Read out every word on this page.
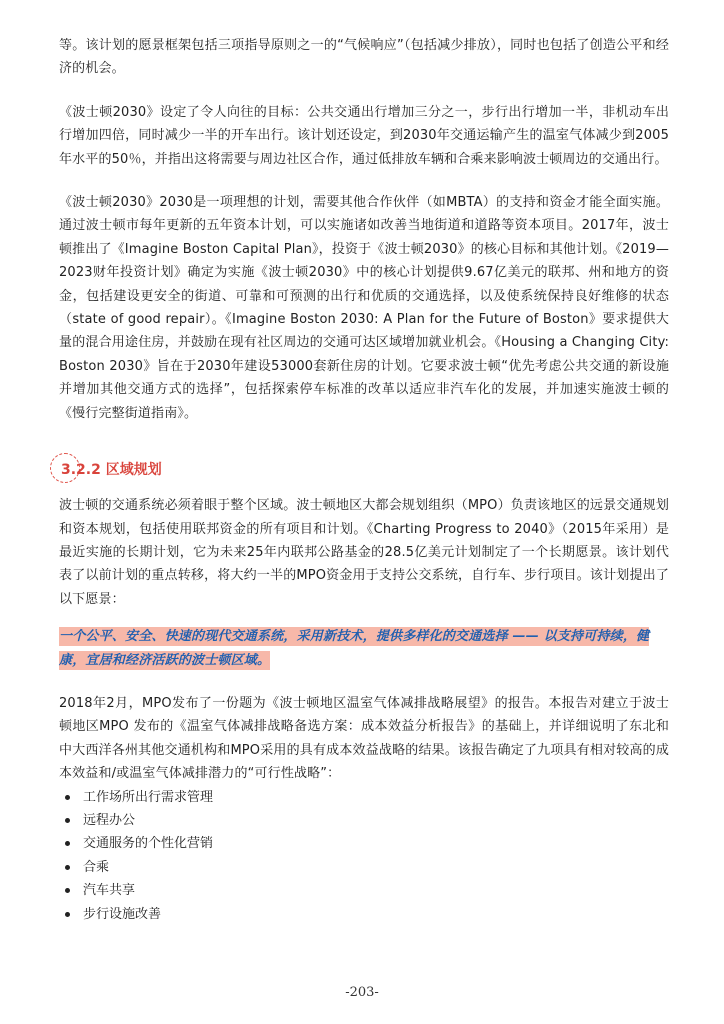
等。该计划的愿景框架包括三项指导原则之一的“气候响应”（包括减少排放），同时也包括了创造公平和经济的机会。

《波士顿2030》设定了令人向往的目标：公共交通出行增加三分之一，步行出行增加一半，非机动车出行增加四倍，同时减少一半的开车出行。该计划还设定，到2030年交通运输产生的温室气体减少到2005年水平的50％，并指出这将需要与周边社区合作，通过低排放车辆和合乘来影响波士顿周边的交通出行。

《波士顿2030》2030是一项理想的计划，需要其他合作伙伴（如MBTA）的支持和资金才能全面实施。通过波士顿市每年更新的五年资本计划，可以实施诸如改善当地街道和道路等资本项目。2017年，波士顿推出了《Imagine Boston Capital Plan》，投资于《波士顿2030》的核心目标和其他计划。《2019—2023财年投资计划》确定为实施《波士顿2030》中的核心计划提供9.67亿美元的联邦、州和地方的资金，包括建设更安全的街道、可靠和可预测的出行和优质的交通选择，以及使系统保持良好维修的状态（state of good repair）。《Imagine Boston 2030: A Plan for the Future of Boston》要求提供大量的混合用途住房，并鼓励在现有社区周边的交通可达区域增加就业机会。《Housing a Changing City: Boston 2030》旨在于2030年建设53000套新住房的计划。它要求波士顿“优先考虑公共交通的新设施并增加其他交通方式的选择”，包括探索停车标准的改革以适应非汽车化的发展，并加速实施波士顿的《慢行完整街道指南》。

3.2.2 区域规划

波士顿的交通系统必须着眼于整个区域。波士顿地区大都会规划组织（MPO）负责该地区的远景交通规划和资本规划，包括使用联邦资金的所有项目和计划。《Charting Progress to 2040》（2015年采用）是最近实施的长期计划，它为未来25年内联邦公路基金的28.5亿美元计划制定了一个长期愿景。该计划代表了以前计划的重点转移，将大约一半的MPO资金用于支持公交系统，自行车、步行项目。该计划提出了以下愿景：

一个公平、安全、快速的现代交通系统，采用新技术，提供多样化的交通选择 —— 以支持可持续，健康，宜居和经济活跃的波士顿区域。

2018年2月，MPO发布了一份题为《波士顿地区温室气体减排战略展望》的报告。本报告对建立于波士顿地区MPO 发布的《温室气体减排战略备选方案：成本效益分析报告》的基础上，并详细说明了东北和中大西洋各州其他交通机构和MPO采用的具有成本效益战略的结果。该报告确定了九项具有相对较高的成本效益和/或温室气体减排潜力的“可行性战略”：

工作场所出行需求管理
远程办公
交通服务的个性化营销
合乘
汽车共享
步行设施改善
-203-
